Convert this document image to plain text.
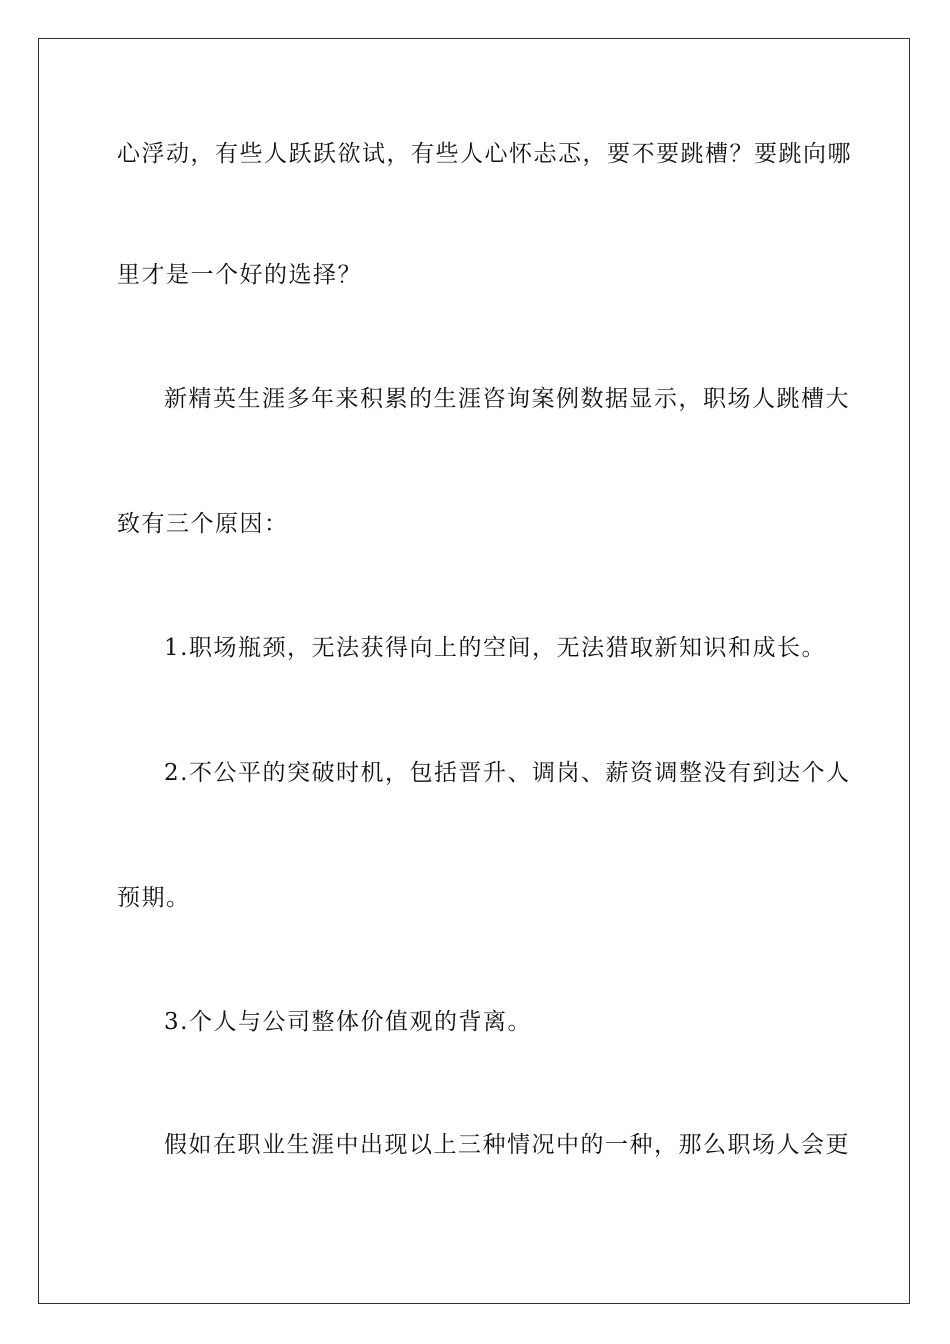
心浮动，有些人跃跃欲试，有些人心怀忐忑，要不要跳槽？要跳向哪
里才是一个好的选择？
新精英生涯多年来积累的生涯咨询案例数据显示，职场人跳槽大
致有三个原因：
1.职场瓶颈，无法获得向上的空间，无法猎取新知识和成长。
2.不公平的突破时机，包括晋升、调岗、薪资调整没有到达个人
预期。
3.个人与公司整体价值观的背离。
假如在职业生涯中出现以上三种情况中的一种，那么职场人会更
